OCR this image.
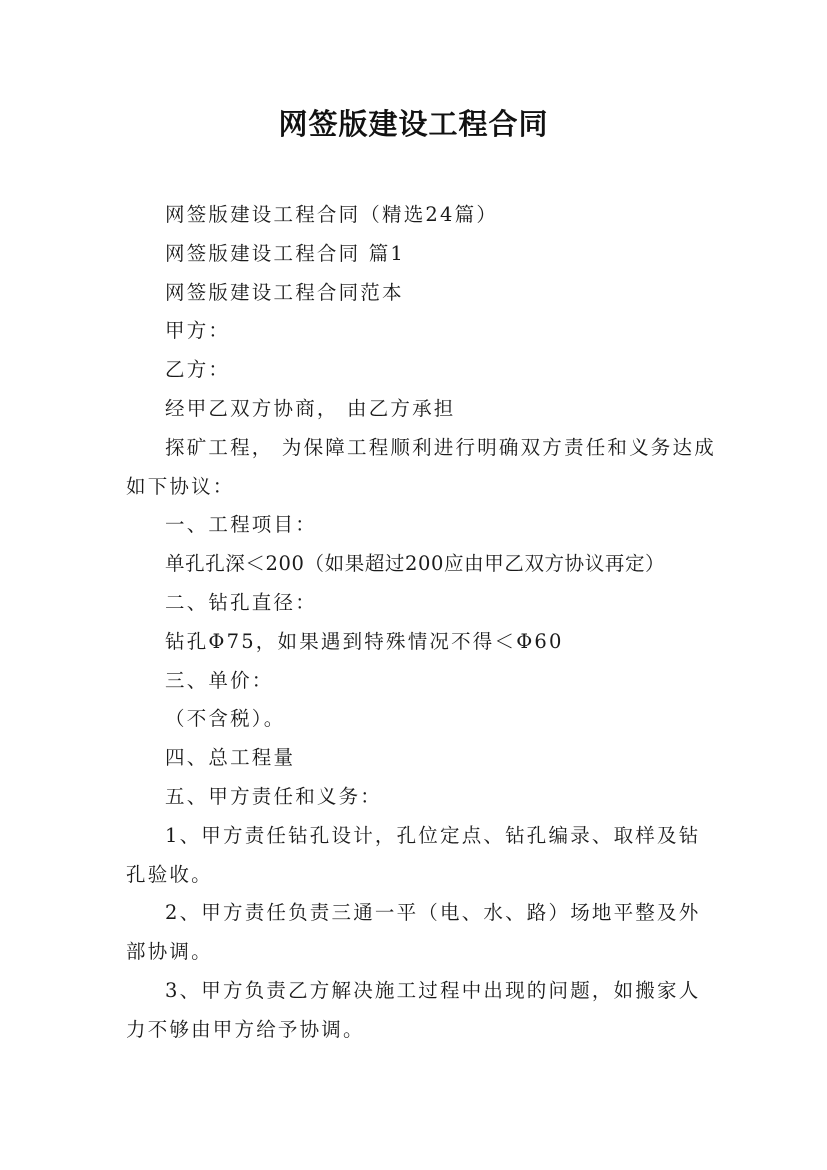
网签版建设工程合同

网签版建设工程合同（精选24篇）

网签版建设工程合同 篇1

网签版建设工程合同范本

甲方：

乙方：

经甲乙双方协商， 由乙方承担

探矿工程， 为保障工程顺利进行明确双方责任和义务达成如下协议：

一、工程项目：

单孔孔深＜200（如果超过200应由甲乙双方协议再定）

二、钻孔直径：

钻孔Φ75，如果遇到特殊情况不得＜Φ60

三、单价：

（不含税）。

四、总工程量

五、甲方责任和义务：

1、甲方责任钻孔设计，孔位定点、钻孔编录、取样及钻孔验收。

2、甲方责任负责三通一平（电、水、路）场地平整及外部协调。

3、甲方负责乙方解决施工过程中出现的问题，如搬家人力不够由甲方给予协调。
